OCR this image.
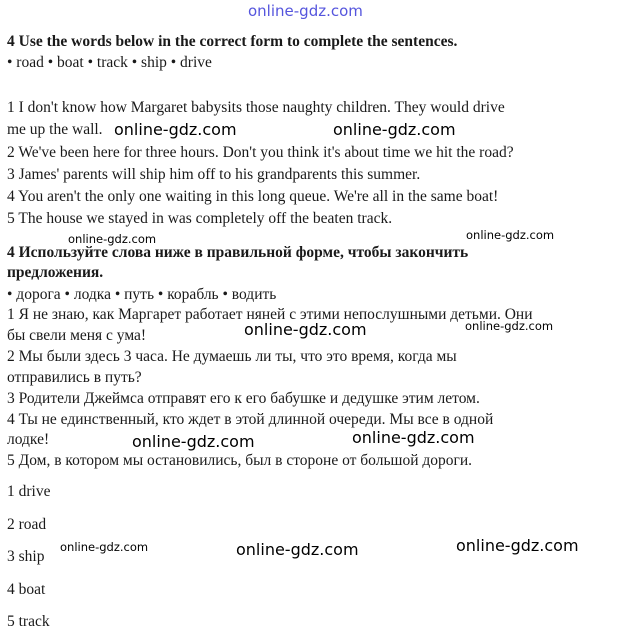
online-gdz.com

4 Use the words below in the correct form to complete the sentences.

• road • boat • track • ship • drive

1 I don't know how Margaret babysits those naughty children. They would drive

me up the wall.

2 We've been here for three hours. Don't you think it's about time we hit the road?

3 James' parents will ship him off to his grandparents this summer.

4 You aren't the only one waiting in this long queue. We're all in the same boat!

5 The house we stayed in was completely off the beaten track.

4 Используйте слова ниже в правильной форме, чтобы закончить

предложения.

• дорога • лодка • путь • корабль • водить

1 Я не знаю, как Маргарет работает няней с этими непослушными детьми. Они

бы свели меня с ума!

2 Мы были здесь 3 часа. Не думаешь ли ты, что это время, когда мы

отправились в путь?

3 Родители Джеймса отправят его к его бабушке и дедушке этим летом.

4 Ты не единственный, кто ждет в этой длинной очереди. Мы все в одной

лодке!

5 Дом, в котором мы остановились, был в стороне от большой дороги.

1 drive

2 road

3 ship

4 boat

5 track

online-gdz.com	online-gdz.com
online-gdz.com	online-gdz.com
online-gdz.com	online-gdz.com
online-gdz.com	online-gdz.com
online-gdz.com	online-gdz.com	online-gdz.com
